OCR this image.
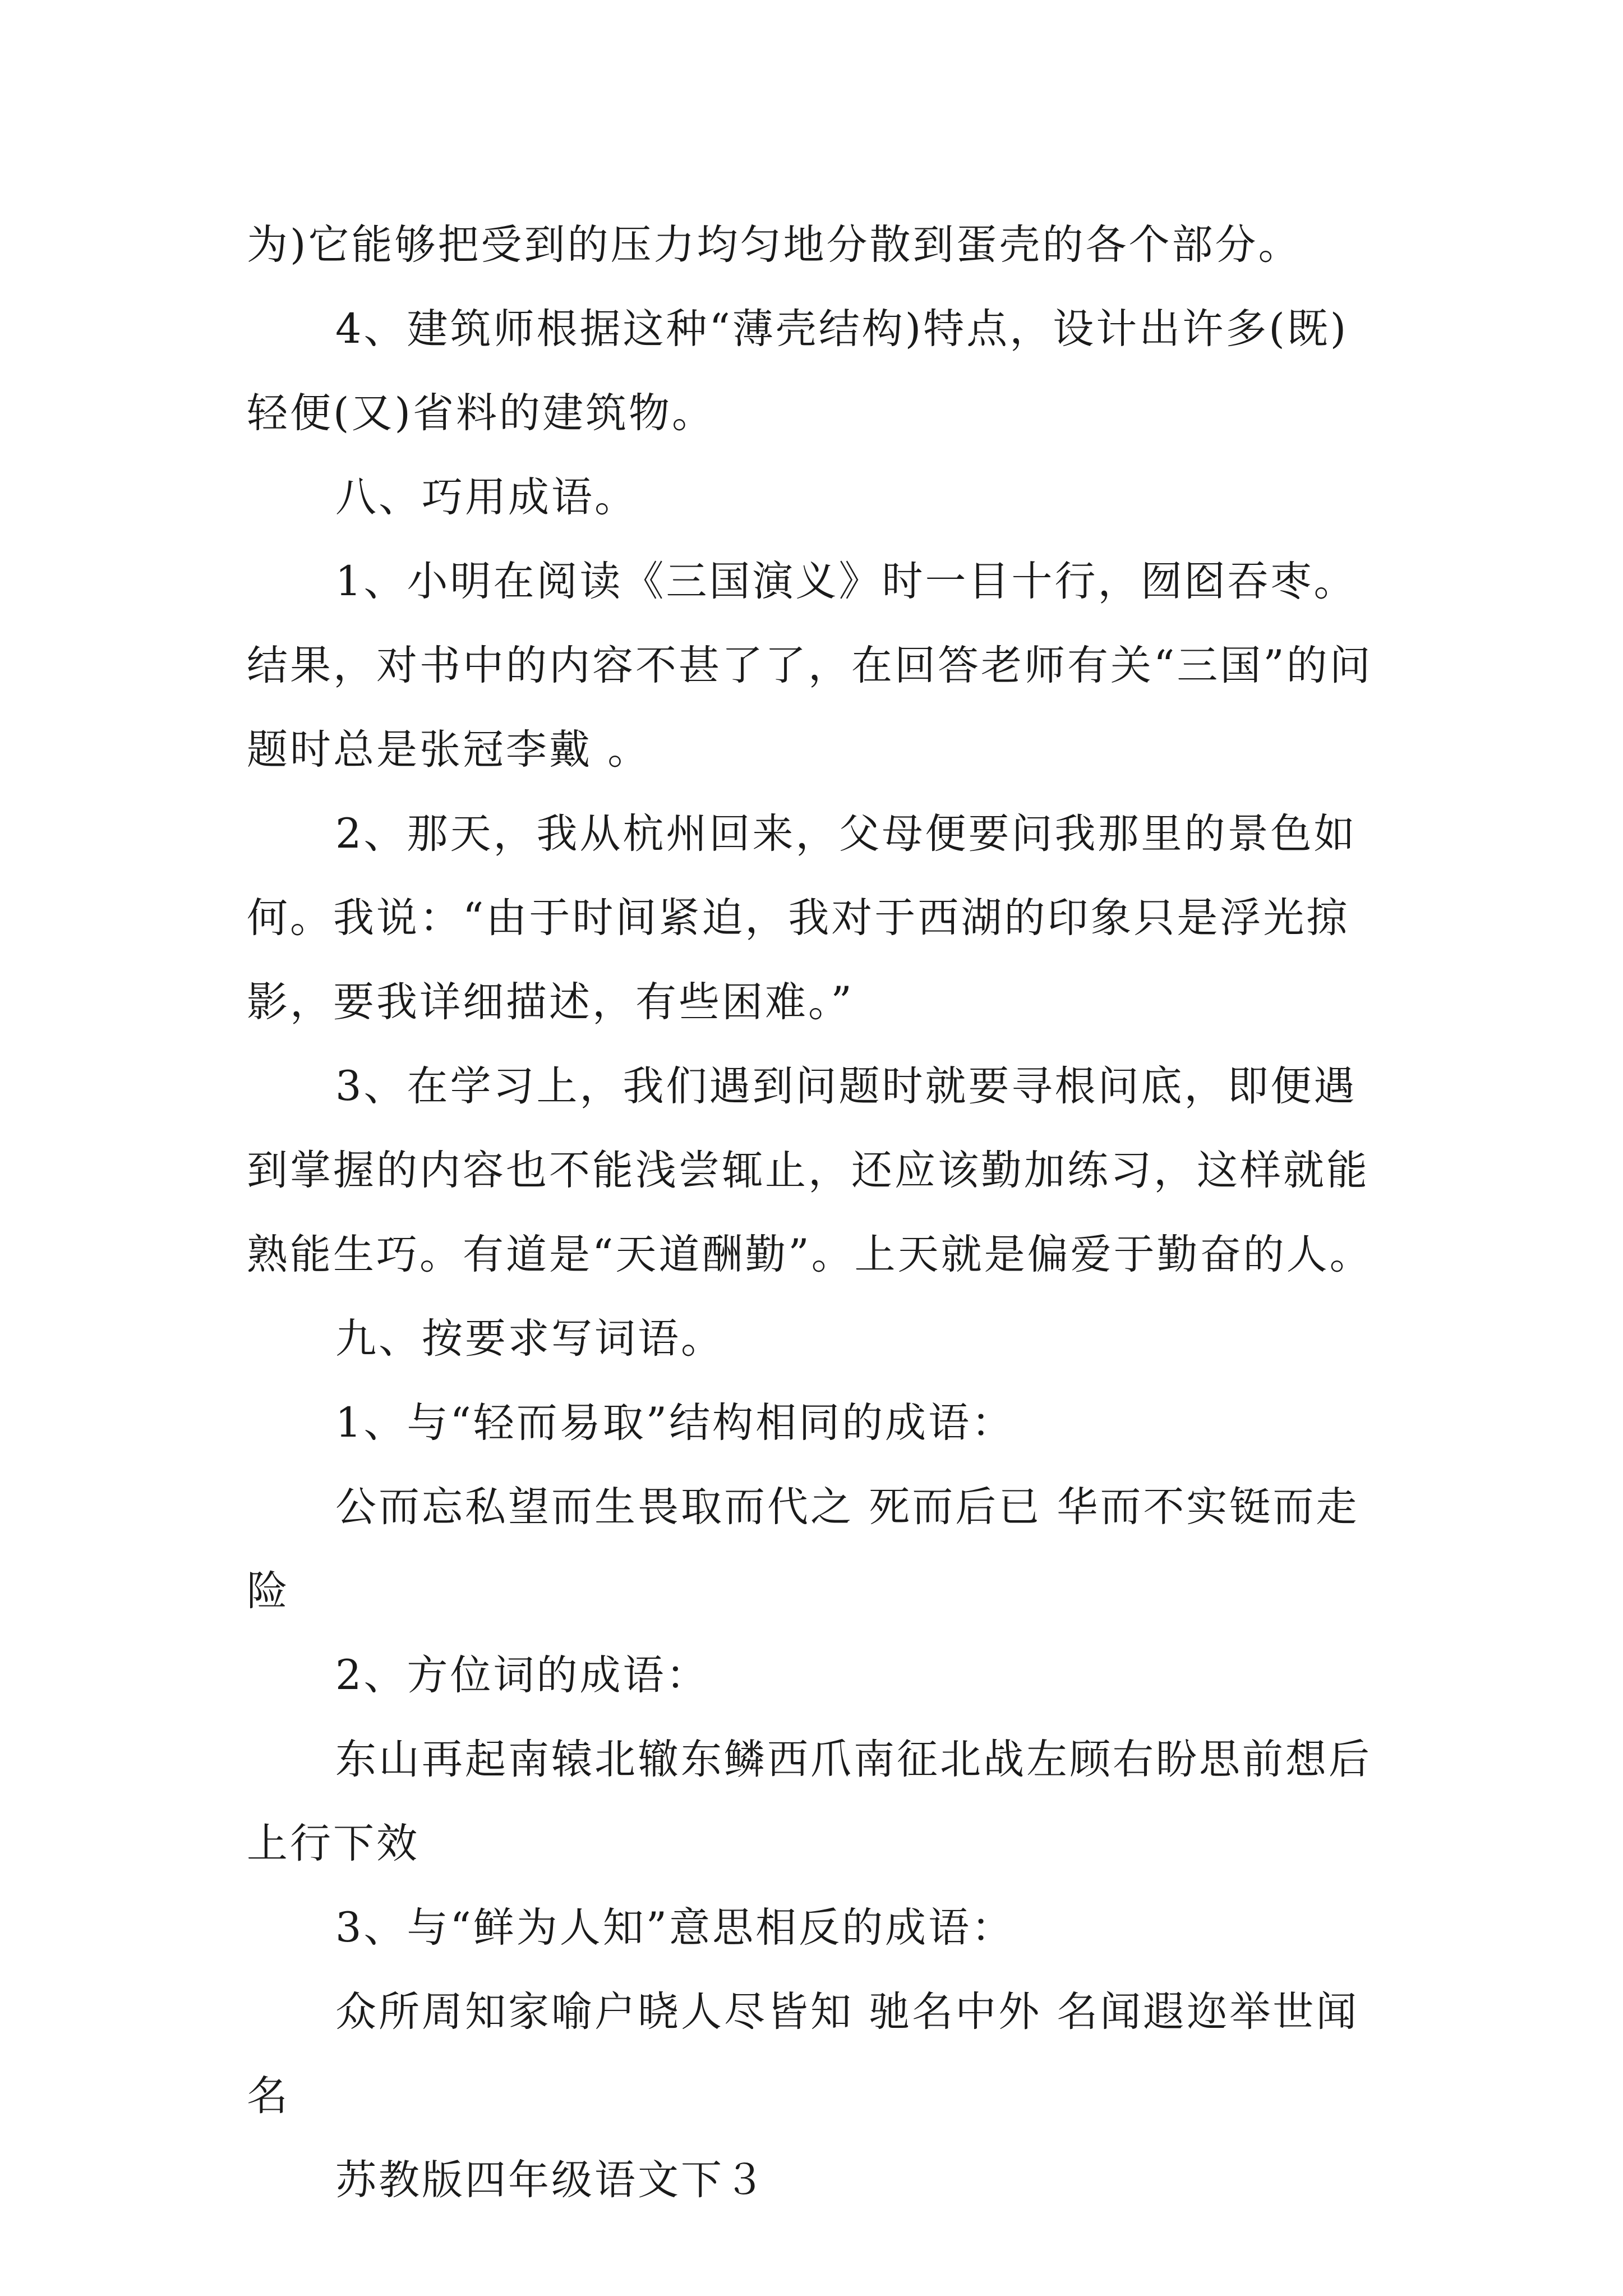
为)它能够把受到的压力均匀地分散到蛋壳的各个部分。

4、建筑师根据这种“薄壳结构)特点，设计出许多(既)轻便(又)省料的建筑物。

八、巧用成语。

1、小明在阅读《三国演义》时一目十行，囫囵吞枣。结果，对书中的内容不甚了了，在回答老师有关“三国”的问题时总是张冠李戴 。

2、那天，我从杭州回来，父母便要问我那里的景色如何。我说：“由于时间紧迫，我对于西湖的印象只是浮光掠影，要我详细描述，有些困难。”

3、在学习上，我们遇到问题时就要寻根问底，即便遇到掌握的内容也不能浅尝辄止，还应该勤加练习，这样就能熟能生巧。有道是“天道酬勤”。上天就是偏爱于勤奋的人。

九、按要求写词语。

1、与“轻而易取”结构相同的成语：

公而忘私望而生畏取而代之 死而后已 华而不实铤而走险

2、方位词的成语：

东山再起南辕北辙东鳞西爪南征北战左顾右盼思前想后上行下效

3、与“鲜为人知”意思相反的成语：

众所周知家喻户晓人尽皆知 驰名中外 名闻遐迩举世闻名

苏教版四年级语文下３
